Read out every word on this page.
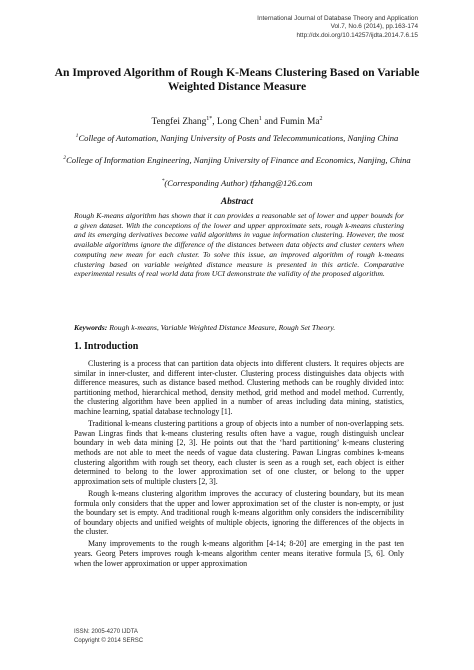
International Journal of Database Theory and Application
Vol.7, No.6 (2014), pp.163-174
http://dx.doi.org/10.14257/ijdta.2014.7.6.15
An Improved Algorithm of Rough K-Means Clustering Based on Variable Weighted Distance Measure
Tengfei Zhang$^{1*}$, Long Chen$^1$ and Fumin Ma$^2$
$^1$College of Automation, Nanjing University of Posts and Telecommunications, Nanjing China
$^2$College of Information Engineering, Nanjing University of Finance and Economics, Nanjing, China
*(Corresponding Author) tfzhang@126.com
Abstract
Rough K-means algorithm has shown that it can provides a reasonable set of lower and upper bounds for a given dataset. With the conceptions of the lower and upper approximate sets, rough k-means clustering and its emerging derivatives become valid algorithms in vague information clustering. However, the most available algorithms ignore the difference of the distances between data objects and cluster centers when computing new mean for each cluster. To solve this issue, an improved algorithm of rough k-means clustering based on variable weighted distance measure is presented in this article. Comparative experimental results of real world data from UCI demonstrate the validity of the proposed algorithm.
Keywords: Rough k-means, Variable Weighted Distance Measure, Rough Set Theory.
1. Introduction

Clustering is a process that can partition data objects into different clusters. It requires objects are similar in inner-cluster, and different inter-cluster. Clustering process distinguishes data objects with difference measures, such as distance based method. Clustering methods can be roughly divided into: partitioning method, hierarchical method, density method, grid method and model method. Currently, the clustering algorithm have been applied in a number of areas including data mining, statistics, machine learning, spatial database technology [1].

Traditional k-means clustering partitions a group of objects into a number of non-overlapping sets. Pawan Lingras finds that k-means clustering results often have a vague, rough distinguish unclear boundary in web data mining [2, 3]. He points out that the ‘hard partitioning’ k-means clustering methods are not able to meet the needs of vague data clustering. Pawan Lingras combines k-means clustering algorithm with rough set theory, each cluster is seen as a rough set, each object is either determined to belong to the lower approximation set of one cluster, or belong to the upper approximation sets of multiple clusters [2, 3].

Rough k-means clustering algorithm improves the accuracy of clustering boundary, but its mean formula only considers that the upper and lower approximation set of the cluster is non-empty, or just the boundary set is empty. And traditional rough k-means algorithm only considers the indiscernibility of boundary objects and unified weights of multiple objects, ignoring the differences of the objects in the cluster.

Many improvements to the rough k-means algorithm [4-14; 8-20] are emerging in the past ten years. Georg Peters improves rough k-means algorithm center means iterative formula [5, 6]. Only when the lower approximation or upper approximation

ISSN: 2005-4270 IJDTA
Copyright © 2014 SERSC
